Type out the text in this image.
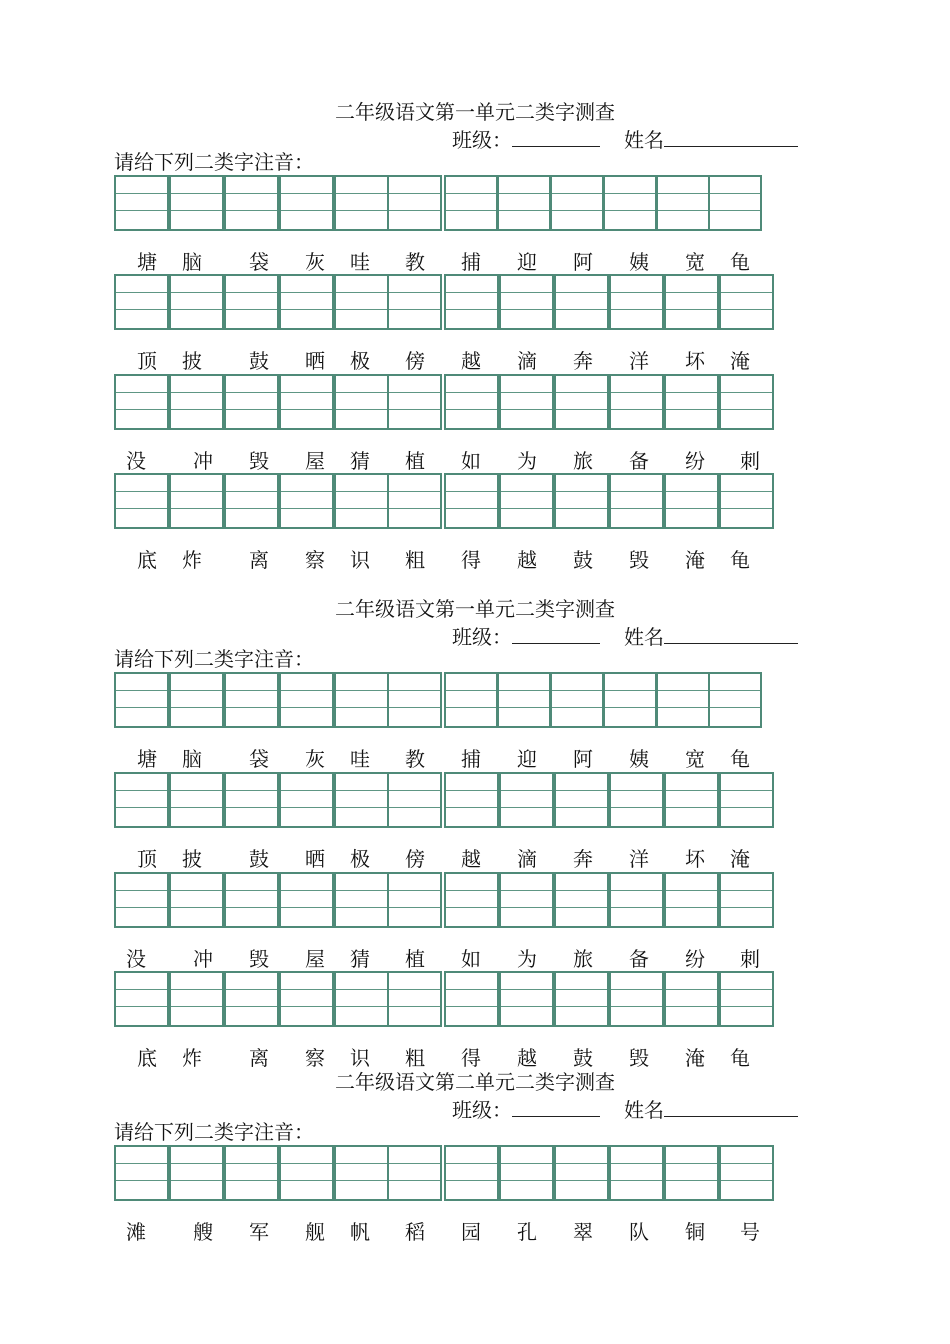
二年级语文第一单元二类字测查
班级：	姓名
请给下列二类字注音：
塘	脑	袋	灰	哇	教	捕	迎	阿	姨	宽	龟
顶	披	鼓	晒	极	傍	越	滴	奔	洋	坏	淹
没	冲	毁	屋	猜	植	如	为	旅	备	纷	刺
底	炸	离	察	识	粗	得	越	鼓	毁	淹	龟
二年级语文第一单元二类字测查
班级：	姓名
请给下列二类字注音：
塘	脑	袋	灰	哇	教	捕	迎	阿	姨	宽	龟
顶	披	鼓	晒	极	傍	越	滴	奔	洋	坏	淹
没	冲	毁	屋	猜	植	如	为	旅	备	纷	刺
底	炸	离	察	识	粗	得	越	鼓	毁	淹	龟
二年级语文第二单元二类字测查
班级：	姓名
请给下列二类字注音：
滩	艘	军	舰	帆	稻	园	孔	翠	队	铜	号
